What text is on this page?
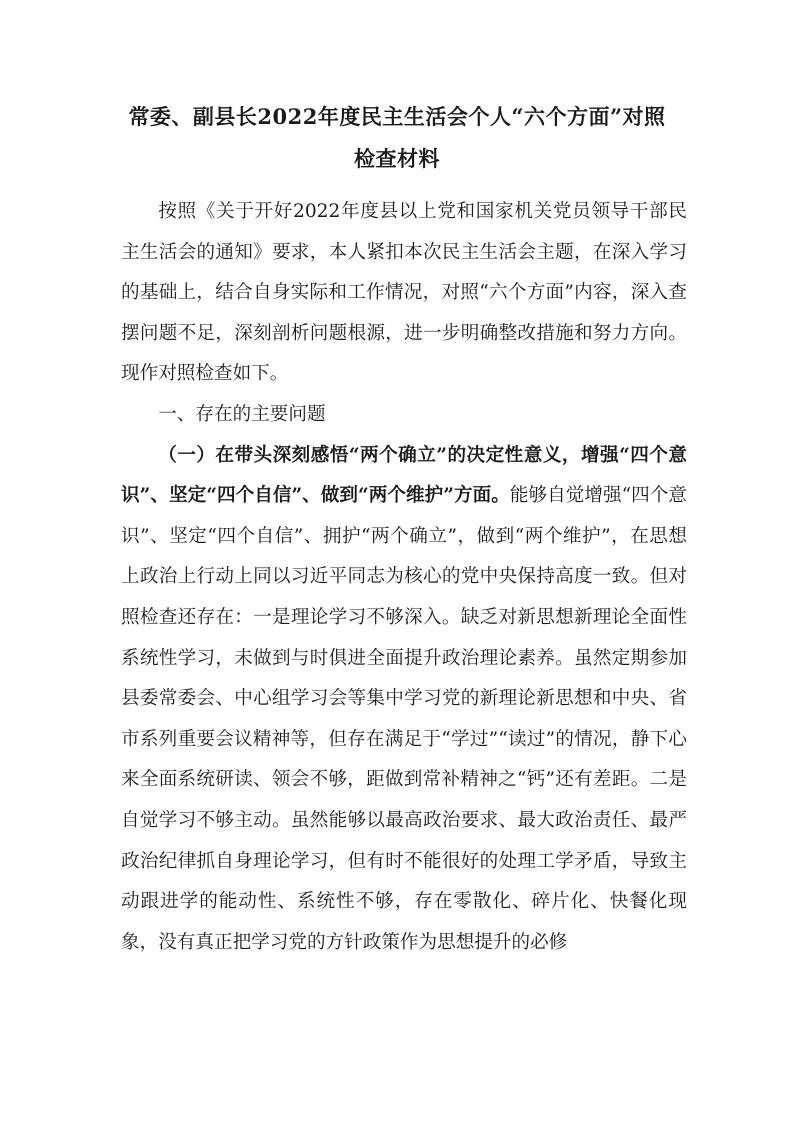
常委、副县长2022年度民主生活会个人“六个方面”对照
检查材料

按照《关于开好2022年度县以上党和国家机关党员领导干部民主生活会的通知》要求，本人紧扣本次民主生活会主题，在深入学习的基础上，结合自身实际和工作情况，对照“六个方面”内容，深入查摆问题不足，深刻剖析问题根源，进一步明确整改措施和努力方向。现作对照检查如下。

一、存在的主要问题

（一）在带头深刻感悟“两个确立”的决定性意义，增强“四个意识”、坚定“四个自信”、做到“两个维护”方面。能够自觉增强“四个意识”、坚定“四个自信”、拥护“两个确立”，做到“两个维护”，在思想上政治上行动上同以习近平同志为核心的党中央保持高度一致。但对照检查还存在：一是理论学习不够深入。缺乏对新思想新理论全面性系统性学习，未做到与时俱进全面提升政治理论素养。虽然定期参加县委常委会、中心组学习会等集中学习党的新理论新思想和中央、省市系列重要会议精神等，但存在满足于“学过”“读过”的情况，静下心来全面系统研读、领会不够，距做到常补精神之“钙”还有差距。二是自觉学习不够主动。虽然能够以最高政治要求、最大政治责任、最严政治纪律抓自身理论学习，但有时不能很好的处理工学矛盾，导致主动跟进学的能动性、系统性不够，存在零散化、碎片化、快餐化现象，没有真正把学习党的方针政策作为思想提升的必修
